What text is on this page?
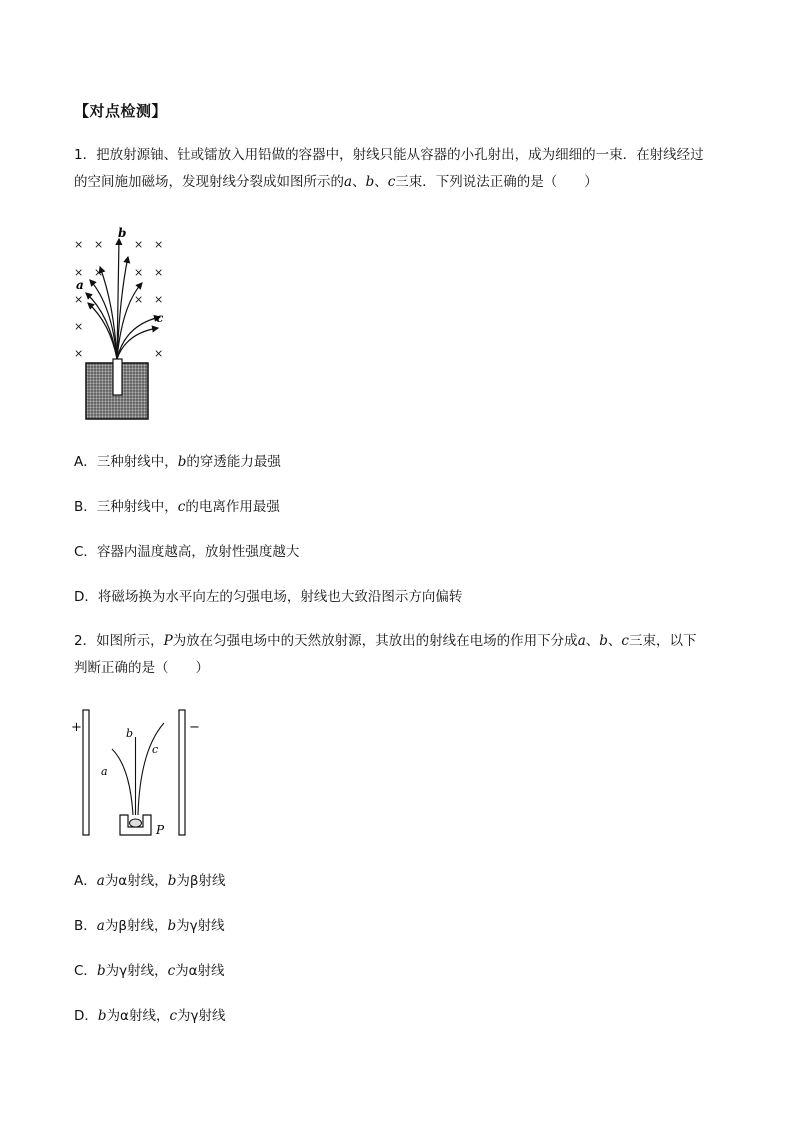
【对点检测】
1．把放射源铀、钍或镭放入用铅做的容器中，射线只能从容器的小孔射出，成为细细的一束．在射线经过
的空间施加磁场，发现射线分裂成如图所示的a、b、c三束．下列说法正确的是（　　）
× ×	× ×
× ×	× ×
×	× ×
×
×	×
b
a
c
A．三种射线中，b的穿透能力最强
B．三种射线中，c的电离作用最强
C．容器内温度越高，放射性强度越大
D．将磁场换为水平向左的匀强电场，射线也大致沿图示方向偏转
2．如图所示，P为放在匀强电场中的天然放射源，其放出的射线在电场的作用下分成a、b、c三束，以下
判断正确的是（　　）
+	−
a
b
c
P
A．a为α射线，b为β射线
B．a为β射线，b为γ射线
C．b为γ射线，c为α射线
D．b为α射线，c为γ射线
